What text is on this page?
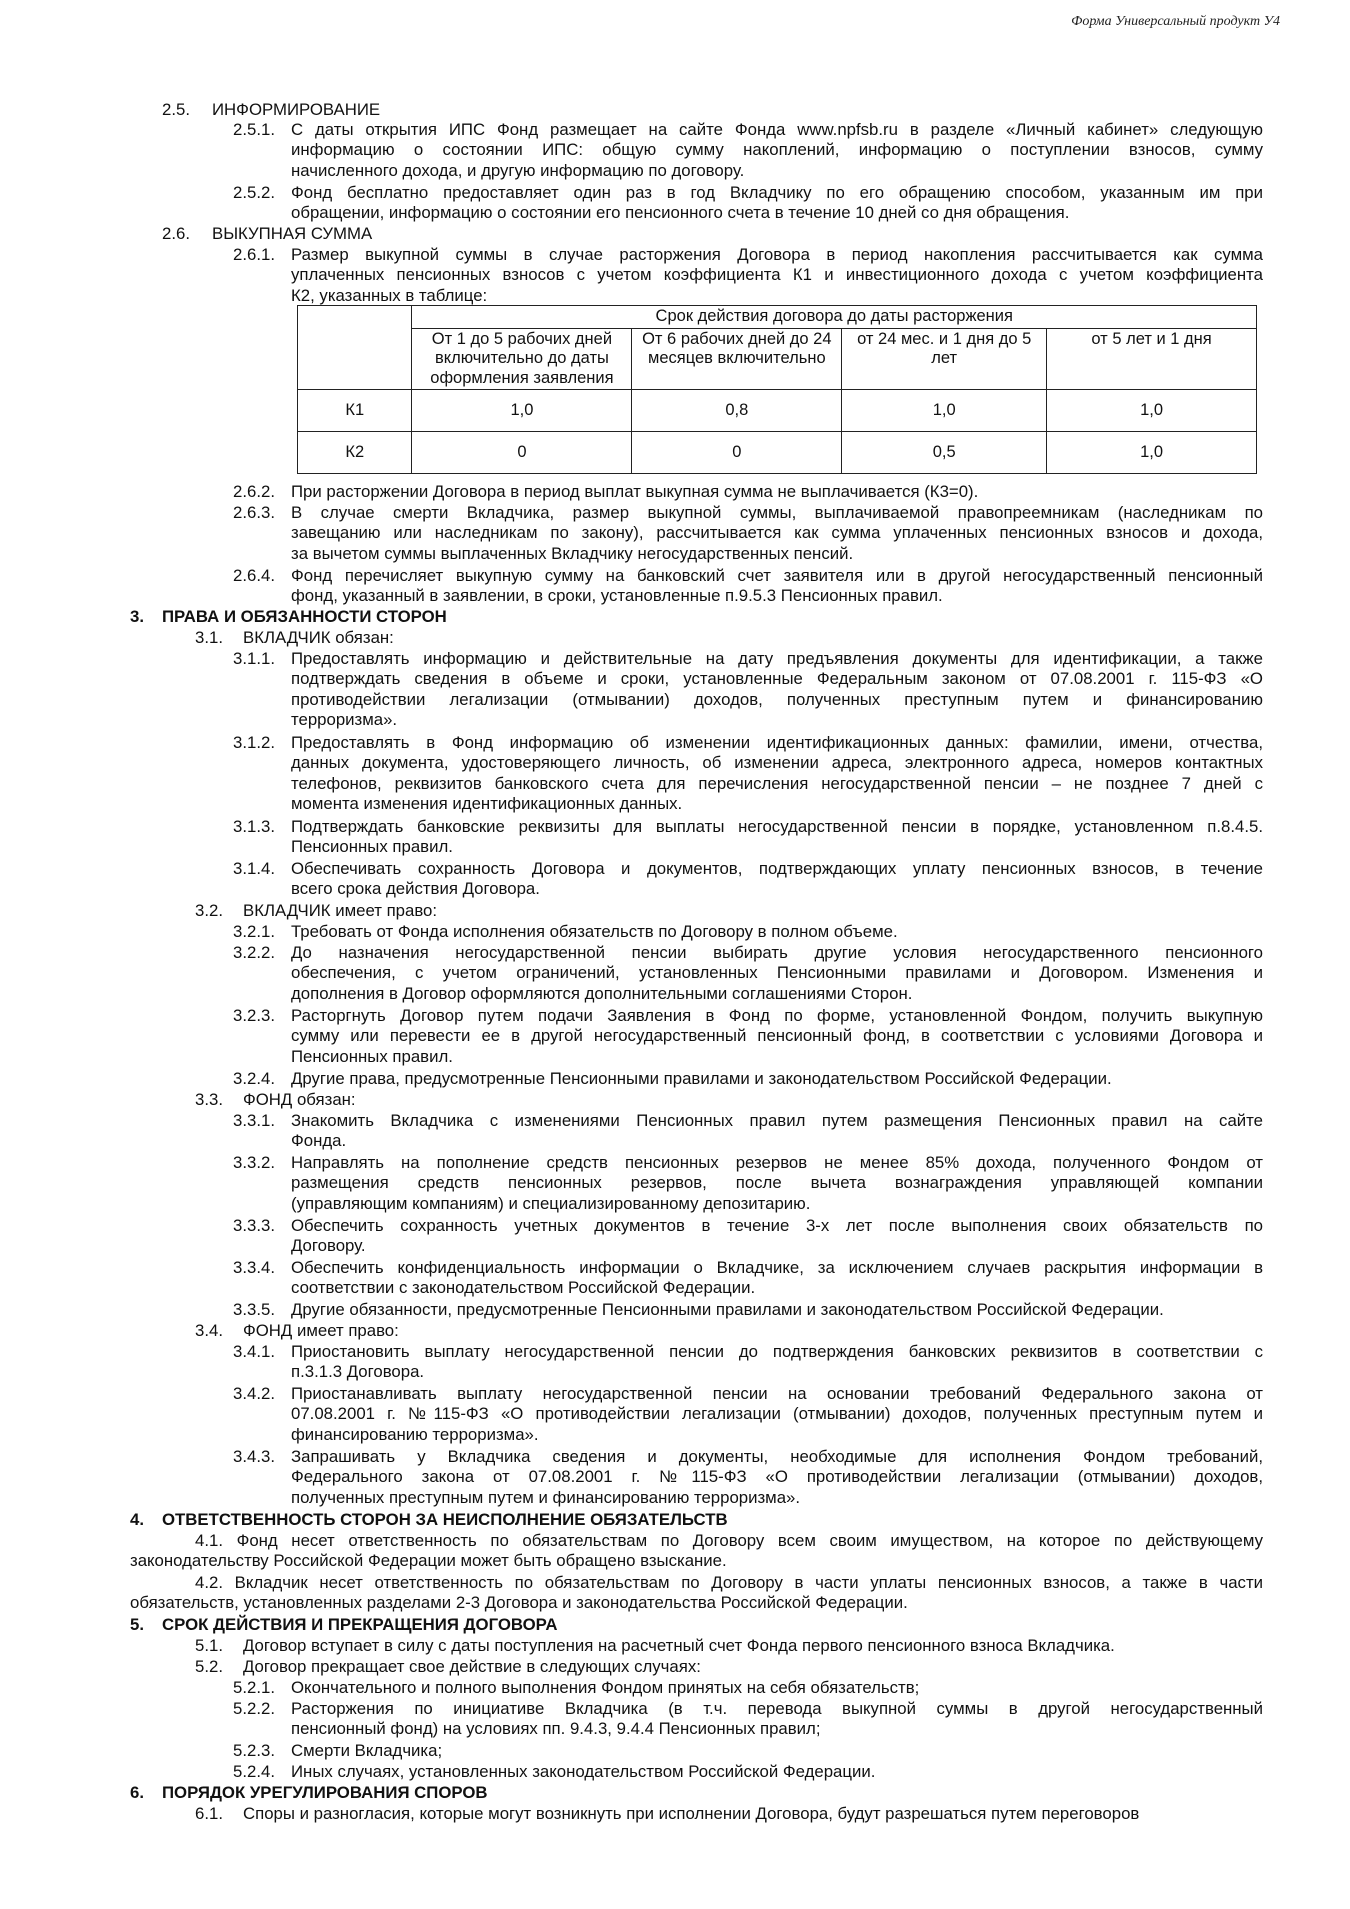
Форма Универсальный продукт У4
2.5.	ИНФОРМИРОВАНИЕ
2.5.1. С даты открытия ИПС Фонд размещает на сайте Фонда www.npfsb.ru в разделе «Личный кабинет» следующую
информацию о состоянии ИПС: общую сумму накоплений, информацию о поступлении взносов, сумму
начисленного дохода, и другую информацию по договору.
2.5.2. Фонд бесплатно предоставляет один раз в год Вкладчику по его обращению способом, указанным им при
обращении, информацию о состоянии его пенсионного счета в течение 10 дней со дня обращения.
2.6.	ВЫКУПНАЯ СУММА
2.6.1. Размер выкупной суммы в случае расторжения Договора в период накопления рассчитывается как сумма
уплаченных пенсионных взносов с учетом коэффициента К1 и инвестиционного дохода с учетом коэффициента
К2, указанных в таблице:
	Срок действия договора до даты расторжения			
	От 1 до 5 рабочих дней включительно до даты оформления заявления	От 6 рабочих дней до 24 месяцев включительно	от 24 мес. и 1 дня до 5 лет	от 5 лет и 1 дня
К1	1,0	0,8	1,0	1,0
К2	0	0	0,5	1,0
2.6.2. При расторжении Договора в период выплат выкупная сумма не выплачивается (К3=0).
2.6.3. В случае смерти Вкладчика, размер выкупной суммы, выплачиваемой правопреемникам (наследникам по
завещанию или наследникам по закону), рассчитывается как сумма уплаченных пенсионных взносов и дохода,
за вычетом суммы выплаченных Вкладчику негосударственных пенсий.
2.6.4. Фонд перечисляет выкупную сумму на банковский счет заявителя или в другой негосударственный пенсионный
фонд, указанный в заявлении, в сроки, установленные п.9.5.3 Пенсионных правил.
3.	ПРАВА И ОБЯЗАННОСТИ СТОРОН
3.1.	ВКЛАДЧИК обязан:
3.1.1. Предоставлять информацию и действительные на дату предъявления документы для идентификации, а также
подтверждать сведения в объеме и сроки, установленные Федеральным законом от 07.08.2001 г. 115-ФЗ «О
противодействии легализации (отмывании) доходов, полученных преступным путем и финансированию
терроризма».
3.1.2. Предоставлять в Фонд информацию об изменении идентификационных данных: фамилии, имени, отчества,
данных документа, удостоверяющего личность, об изменении адреса, электронного адреса, номеров контактных
телефонов, реквизитов банковского счета для перечисления негосударственной пенсии – не позднее 7 дней с
момента изменения идентификационных данных.
3.1.3. Подтверждать банковские реквизиты для выплаты негосударственной пенсии в порядке, установленном п.8.4.5.
Пенсионных правил.
3.1.4. Обеспечивать сохранность Договора и документов, подтверждающих уплату пенсионных взносов, в течение
всего срока действия Договора.
3.2.	ВКЛАДЧИК имеет право:
3.2.1. Требовать от Фонда исполнения обязательств по Договору в полном объеме.
3.2.2. До назначения негосударственной пенсии выбирать другие условия негосударственного пенсионного
обеспечения, с учетом ограничений, установленных Пенсионными правилами и Договором. Изменения и
дополнения в Договор оформляются дополнительными соглашениями Сторон.
3.2.3. Расторгнуть Договор путем подачи Заявления в Фонд по форме, установленной Фондом, получить выкупную
сумму или перевести ее в другой негосударственный пенсионный фонд, в соответствии с условиями Договора и
Пенсионных правил.
3.2.4. Другие права, предусмотренные Пенсионными правилами и законодательством Российской Федерации.
3.3.	ФОНД обязан:
3.3.1. Знакомить Вкладчика с изменениями Пенсионных правил путем размещения Пенсионных правил на сайте
Фонда.
3.3.2. Направлять на пополнение средств пенсионных резервов не менее 85% дохода, полученного Фондом от
размещения средств пенсионных резервов, после вычета вознаграждения управляющей компании
(управляющим компаниям) и специализированному депозитарию.
3.3.3. Обеспечить сохранность учетных документов в течение 3-х лет после выполнения своих обязательств по
Договору.
3.3.4. Обеспечить конфиденциальность информации о Вкладчике, за исключением случаев раскрытия информации в
соответствии с законодательством Российской Федерации.
3.3.5. Другие обязанности, предусмотренные Пенсионными правилами и законодательством Российской Федерации.
3.4.	ФОНД имеет право:
3.4.1. Приостановить выплату негосударственной пенсии до подтверждения банковских реквизитов в соответствии с
п.3.1.3 Договора.
3.4.2. Приостанавливать выплату негосударственной пенсии на основании требований Федерального закона от
07.08.2001 г. №115-ФЗ «О противодействии легализации (отмывании) доходов, полученных преступным путем и
финансированию терроризма».
3.4.3. Запрашивать у Вкладчика сведения и документы, необходимые для исполнения Фондом требований,
Федерального закона от 07.08.2001 г. №115-ФЗ «О противодействии легализации (отмывании) доходов,
полученных преступным путем и финансированию терроризма».
4.	ОТВЕТСТВЕННОСТЬ СТОРОН ЗА НЕИСПОЛНЕНИЕ ОБЯЗАТЕЛЬСТВ
4.1. Фонд несет ответственность по обязательствам по Договору всем своим имуществом, на которое по действующему
законодательству Российской Федерации может быть обращено взыскание.
4.2. Вкладчик несет ответственность по обязательствам по Договору в части уплаты пенсионных взносов, а также в части
обязательств, установленных разделами 2-3 Договора и законодательства Российской Федерации.
5.	СРОК ДЕЙСТВИЯ И ПРЕКРАЩЕНИЯ ДОГОВОРА
5.1.	Договор вступает в силу с даты поступления на расчетный счет Фонда первого пенсионного взноса Вкладчика.
5.2.	Договор прекращает свое действие в следующих случаях:
5.2.1. Окончательного и полного выполнения Фондом принятых на себя обязательств;
5.2.2. Расторжения по инициативе Вкладчика (в т.ч. перевода выкупной суммы в другой негосударственный
пенсионный фонд) на условиях пп. 9.4.3, 9.4.4 Пенсионных правил;
5.2.3. Смерти Вкладчика;
5.2.4. Иных случаях, установленных законодательством Российской Федерации.
6.	ПОРЯДОК УРЕГУЛИРОВАНИЯ СПОРОВ
6.1.	Споры и разногласия, которые могут возникнуть при исполнении Договора, будут разрешаться путем переговоров
